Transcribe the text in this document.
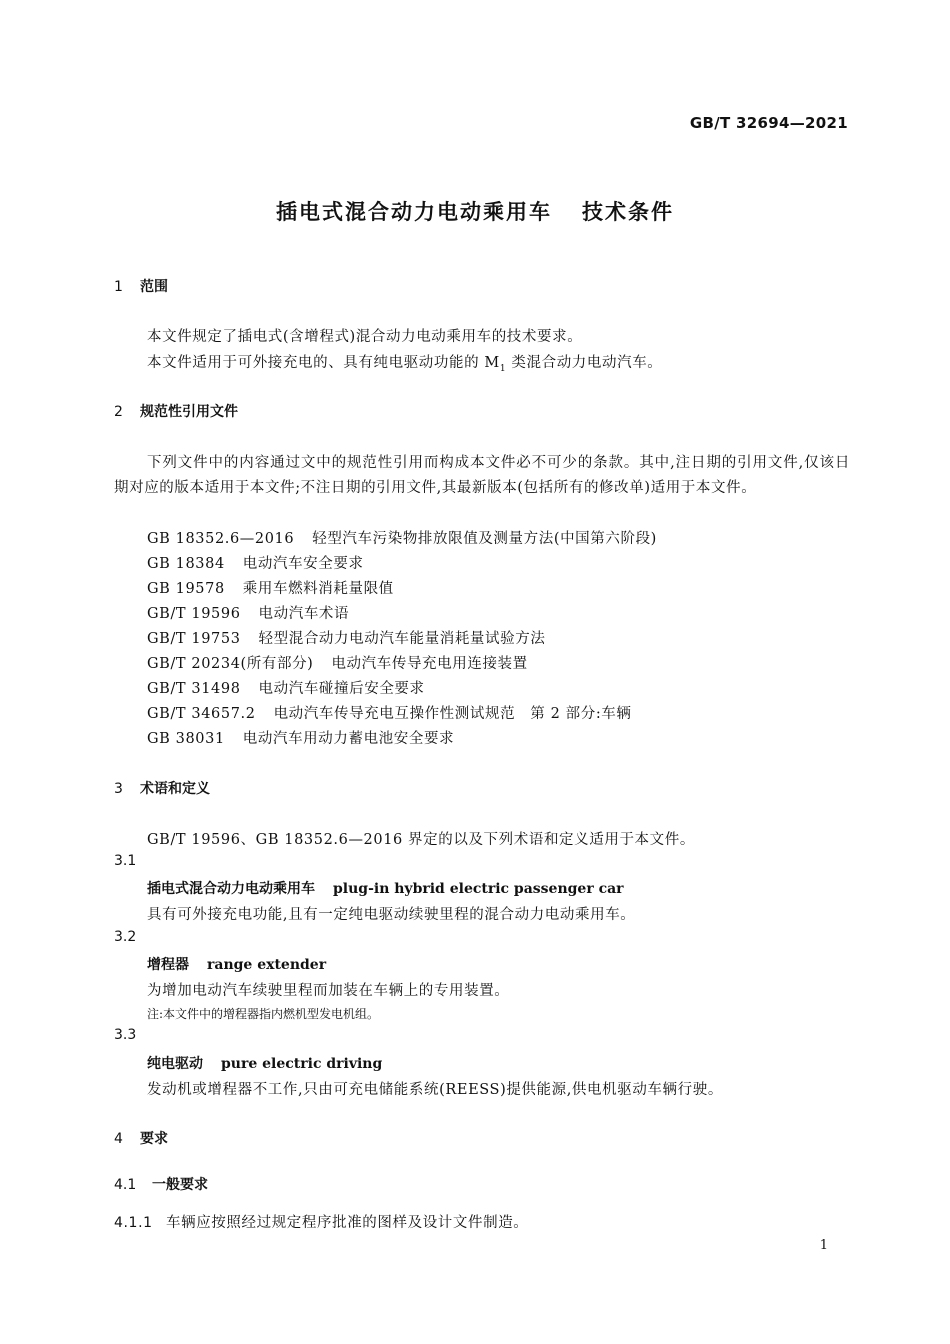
GB/T 32694—2021
插电式混合动力电动乘用车 技术条件
1 范围
本文件规定了插电式(含增程式)混合动力电动乘用车的技术要求。
本文件适用于可外接充电的、具有纯电驱动功能的 $M_1$ 类混合动力电动汽车。
2 规范性引用文件
下列文件中的内容通过文中的规范性引用而构成本文件必不可少的条款。其中,注日期的引用文件,仅该日期对应的版本适用于本文件;不注日期的引用文件,其最新版本(包括所有的修改单)适用于本文件。
GB 18352.6—2016 轻型汽车污染物排放限值及测量方法(中国第六阶段)
GB 18384 电动汽车安全要求
GB 19578 乘用车燃料消耗量限值
GB/T 19596 电动汽车术语
GB/T 19753 轻型混合动力电动汽车能量消耗量试验方法
GB/T 20234(所有部分) 电动汽车传导充电用连接装置
GB/T 31498 电动汽车碰撞后安全要求
GB/T 34657.2 电动汽车传导充电互操作性测试规范　第 2 部分:车辆
GB 38031 电动汽车用动力蓄电池安全要求
3 术语和定义
GB/T 19596、GB 18352.6—2016 界定的以及下列术语和定义适用于本文件。
3.1
插电式混合动力电动乘用车 plug-in hybrid electric passenger car
具有可外接充电功能,且有一定纯电驱动续驶里程的混合动力电动乘用车。
3.2
增程器 range extender
为增加电动汽车续驶里程而加装在车辆上的专用装置。
注:本文件中的增程器指内燃机型发电机组。
3.3
纯电驱动 pure electric driving
发动机或增程器不工作,只由可充电储能系统(REESS)提供能源,供电机驱动车辆行驶。
4 要求
4.1 一般要求
4.1.1 车辆应按照经过规定程序批准的图样及设计文件制造。
1
